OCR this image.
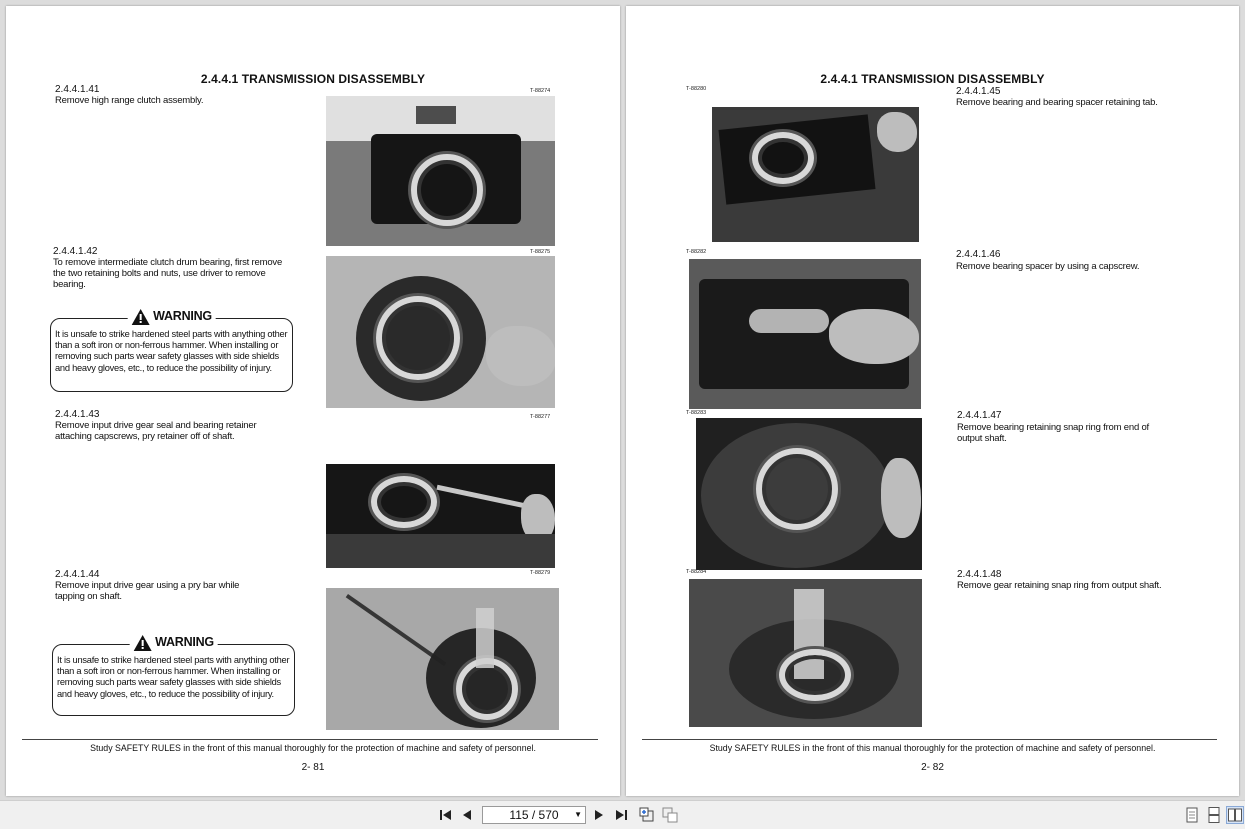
2.4.4.1 TRANSMISSION DISASSEMBLY
2.4.4.1.41
Remove high range clutch assembly.
T-88274
2.4.4.1.42
To remove intermediate clutch drum bearing, first remove the two retaining bolts and nuts, use driver to remove bearing.
T-88275
WARNING
It is unsafe to strike hardened steel parts with anything other than a soft iron or non-ferrous hammer. When installing or removing such parts wear safety glasses with side shields and heavy gloves, etc., to reduce the possibility of injury.
2.4.4.1.43
Remove input drive gear seal and bearing retainer attaching capscrews, pry retainer off of shaft.
T-88277
2.4.4.1.44
Remove input drive gear using a pry bar while tapping on shaft.
T-88279
WARNING
It is unsafe to strike hardened steel parts with anything other than a soft iron or non-ferrous hammer. When installing or removing such parts wear safety glasses with side shields and heavy gloves, etc., to reduce the possibility of injury.
Study SAFETY RULES in the front of this manual thoroughly for the protection of machine and safety of personnel.
2- 81
2.4.4.1 TRANSMISSION DISASSEMBLY
T-88280	2.4.4.1.45
Remove bearing and bearing spacer retaining tab.
T-88282	2.4.4.1.46
Remove bearing spacer by using a capscrew.
T-88283	2.4.4.1.47
Remove bearing retaining snap ring from end of output shaft.
T-88284	2.4.4.1.48
Remove gear retaining snap ring from output shaft.
Study SAFETY RULES in the front of this manual thoroughly for the protection of machine and safety of personnel.
2- 82
115 / 570 ▼
